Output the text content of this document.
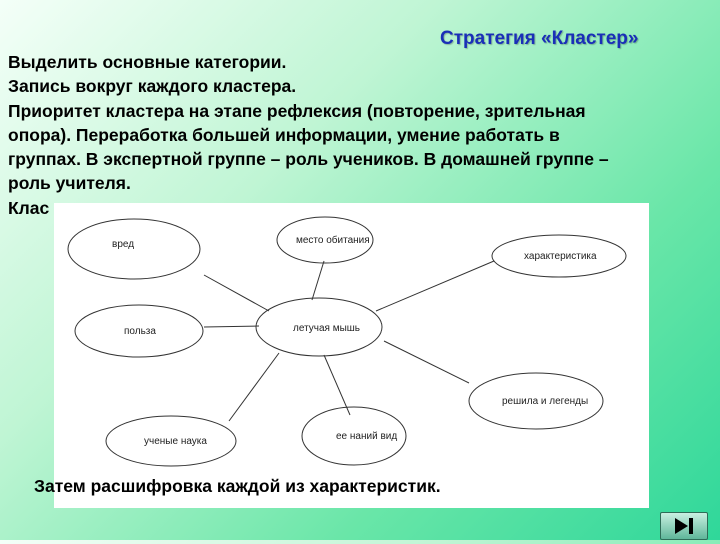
Стратегия «Кластер»
Выделить основные категории.
Запись вокруг каждого кластера.
Приоритет кластера на этапе рефлексия (повторение, зрительная
опора). Переработка большей информации, умение работать в
группах. В экспертной группе – роль учеников. В домашней группе –
роль учителя.
Клас
летучая мышь
вред	место обитания
характеристика
польза
решила и легенды
ученые наука	ее наний вид
Затем расшифровка каждой из характеристик.
